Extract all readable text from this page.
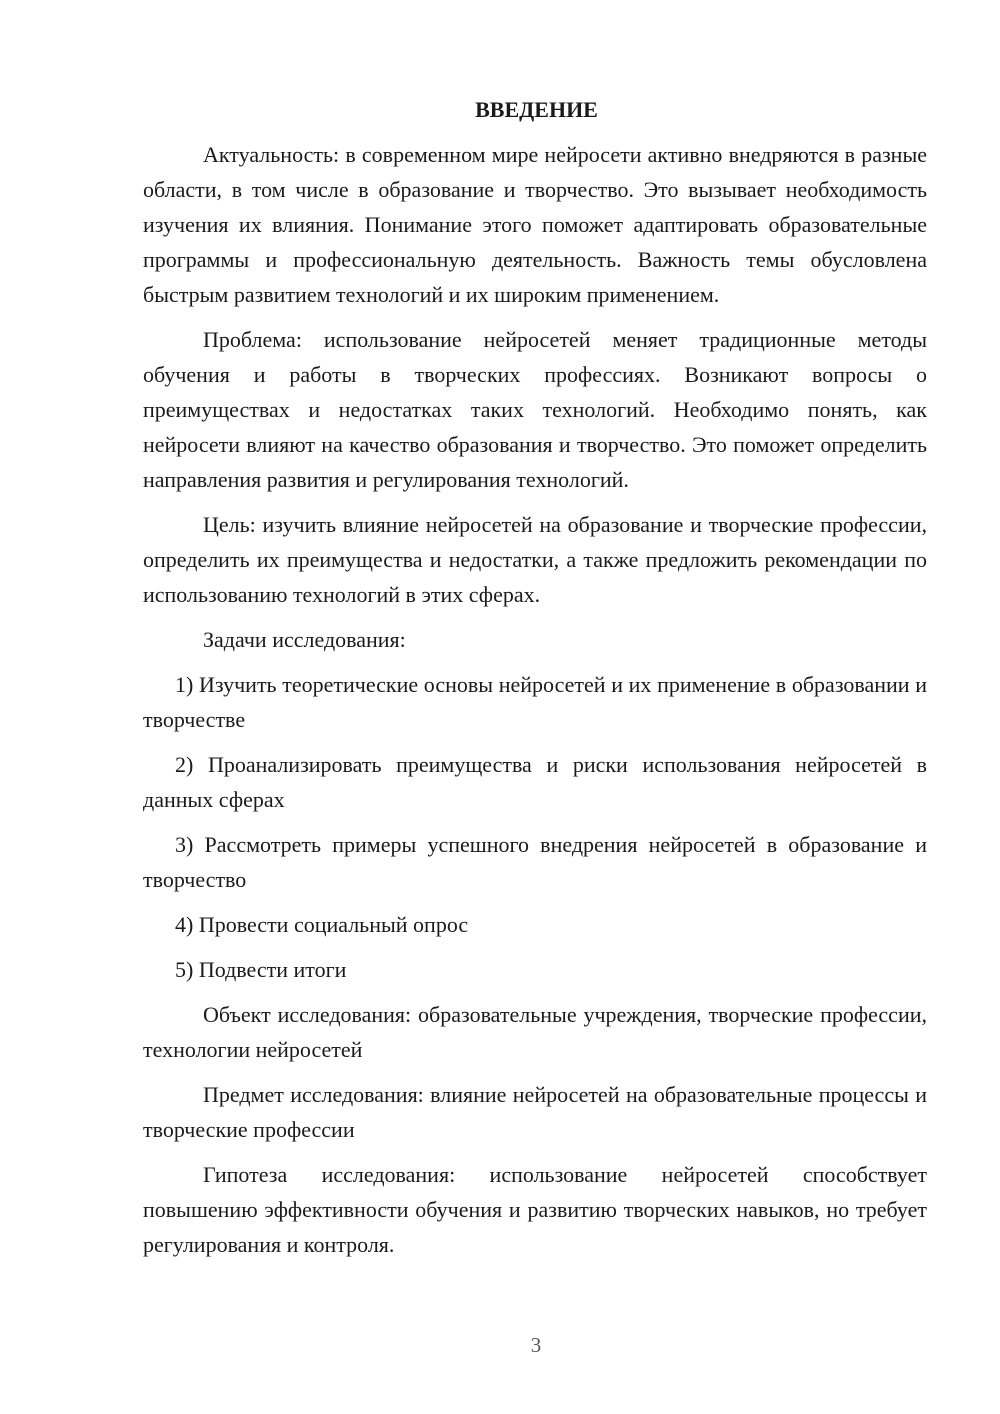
ВВЕДЕНИЕ

Актуальность: в современном мире нейросети активно внедряются в разные области, в том числе в образование и творчество. Это вызывает необходимость изучения их влияния. Понимание этого поможет адаптировать образовательные программы и профессиональную деятельность. Важность темы обусловлена быстрым развитием технологий и их широким применением.

Проблема: использование нейросетей меняет традиционные методы обучения и работы в творческих профессиях. Возникают вопросы о преимуществах и недостатках таких технологий. Необходимо понять, как нейросети влияют на качество образования и творчество. Это поможет определить направления развития и регулирования технологий.

Цель: изучить влияние нейросетей на образование и творческие профессии, определить их преимущества и недостатки, а также предложить рекомендации по использованию технологий в этих сферах.

Задачи исследования:

1) Изучить теоретические основы нейросетей и их применение в образовании и творчестве

2) Проанализировать преимущества и риски использования нейросетей в данных сферах

3) Рассмотреть примеры успешного внедрения нейросетей в образование и творчество

4) Провести социальный опрос

5) Подвести итоги

Объект исследования: образовательные учреждения, творческие профессии, технологии нейросетей

Предмет исследования: влияние нейросетей на образовательные процессы и творческие профессии

Гипотеза исследования: использование нейросетей способствует повышению эффективности обучения и развитию творческих навыков, но требует регулирования и контроля.

3
